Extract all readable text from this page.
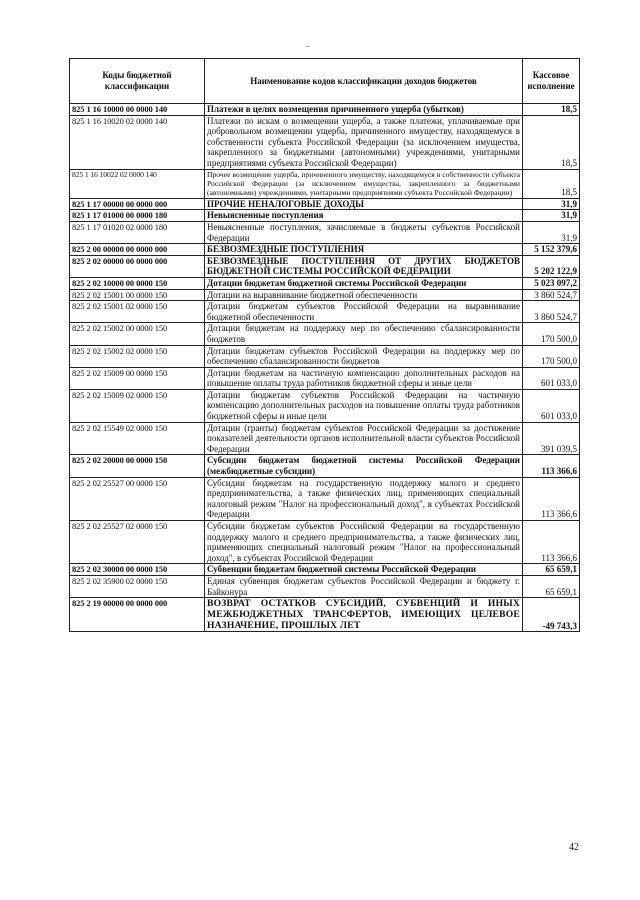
Коды бюджетной классификации	Наименование кодов классификации доходов бюджетов	Кассовое исполнение
825 1 16 10000 00 0000 140	Платежи в целях возмещения причиненного ущерба (убытков)	18,5
825 1 16 10020 02 0000 140	Платежи по искам о возмещении ущерба, а также платежи, уплачиваемые при добровольном возмещении ущерба, причиненного имуществу, находящемуся в собственности субъекта Российской Федерации (за исключением имущества, закрепленного за бюджетными (автономными) учреждениями, унитарными предприятиями субъекта Российской Федерации)	18,5
825 1 16 10022 02 0000 140	Прочее возмещение ущерба, причиненного имуществу, находящемуся в собственности субъекта Российской Федерации (за исключением имущества, закрепленного за бюджетными (автономными) учреждениями, унитарными предприятиями субъекта Российской Федерации)	18,5
825 1 17 00000 00 0000 000	ПРОЧИЕ НЕНАЛОГОВЫЕ ДОХОДЫ	31,9
825 1 17 01000 00 0000 180	Невыясненные поступления	31,9
825 1 17 01020 02 0000 180	Невыясненные поступления, зачисляемые в бюджеты субъектов Российской Федерации	31,9
825 2 00 00000 00 0000 000	БЕЗВОЗМЕЗДНЫЕ ПОСТУПЛЕНИЯ	5 152 379,6
825 2 02 00000 00 0000 000	БЕЗВОЗМЕЗДНЫЕ ПОСТУПЛЕНИЯ ОТ ДРУГИХ БЮДЖЕТОВ БЮДЖЕТНОЙ СИСТЕМЫ РОССИЙСКОЙ ФЕДЕРАЦИИ	5 202 122,9
825 2 02 10000 00 0000 150	Дотации бюджетам бюджетной системы Российской Федерации	5 023 097,2
825 2 02 15001 00 0000 150	Дотации на выравнивание бюджетной обеспеченности	3 860 524,7
825 2 02 15001 02 0000 150	Дотации бюджетам субъектов Российской Федерации на выравнивание бюджетной обеспеченности	3 860 524,7
825 2 02 15002 00 0000 150	Дотации бюджетам на поддержку мер по обеспечению сбалансированности бюджетов	170 500,0
825 2 02 15002 02 0000 150	Дотации бюджетам субъектов Российской Федерации на поддержку мер по обеспечению сбалансированности бюджетов	170 500,0
825 2 02 15009 00 0000 150	Дотации бюджетам на частичную компенсацию дополнительных расходов на повышение оплаты труда работников бюджетной сферы и иные цели	601 033,0
825 2 02 15009 02 0000 150	Дотации бюджетам субъектов Российской Федерации на частичную компенсацию дополнительных расходов на повышение оплаты труда работников бюджетной сферы и иные цели	601 033,0
825 2 02 15549 02 0000 150	Дотации (гранты) бюджетам субъектов Российской Федерации за достижение показателей деятельности органов исполнительной власти субъектов Российской Федерации	391 039,5
825 2 02 20000 00 0000 150	Субсидии бюджетам бюджетной системы Российской Федерации (межбюджетные субсидии)	113 366,6
825 2 02 25527 00 0000 150	Субсидии бюджетам на государственную поддержку малого и среднего предпринимательства, а также физических лиц, применяющих специальный налоговый режим "Налог на профессиональный доход", в субъектах Российской Федерации	113 366,6
825 2 02 25527 02 0000 150	Субсидии бюджетам субъектов Российской Федерации на государственную поддержку малого и среднего предпринимательства, а также физических лиц, применяющих специальный налоговый режим "Налог на профессиональный доход", в субъектах Российской Федерации	113 366,6
825 2 02 30000 00 0000 150	Субвенции бюджетам бюджетной системы Российской Федерации	65 659,1
825 2 02 35900 02 0000 150	Единая субвенция бюджетам субъектов Российской Федерации и бюджету г. Байконура	65 659,1
825 2 19 00000 00 0000 000	ВОЗВРАТ ОСТАТКОВ СУБСИДИЙ, СУБВЕНЦИЙ И ИНЫХ МЕЖБЮДЖЕТНЫХ ТРАНСФЕРТОВ, ИМЕЮЩИХ ЦЕЛЕВОЕ НАЗНАЧЕНИЕ, ПРОШЛЫХ ЛЕТ	-49 743,3
42
